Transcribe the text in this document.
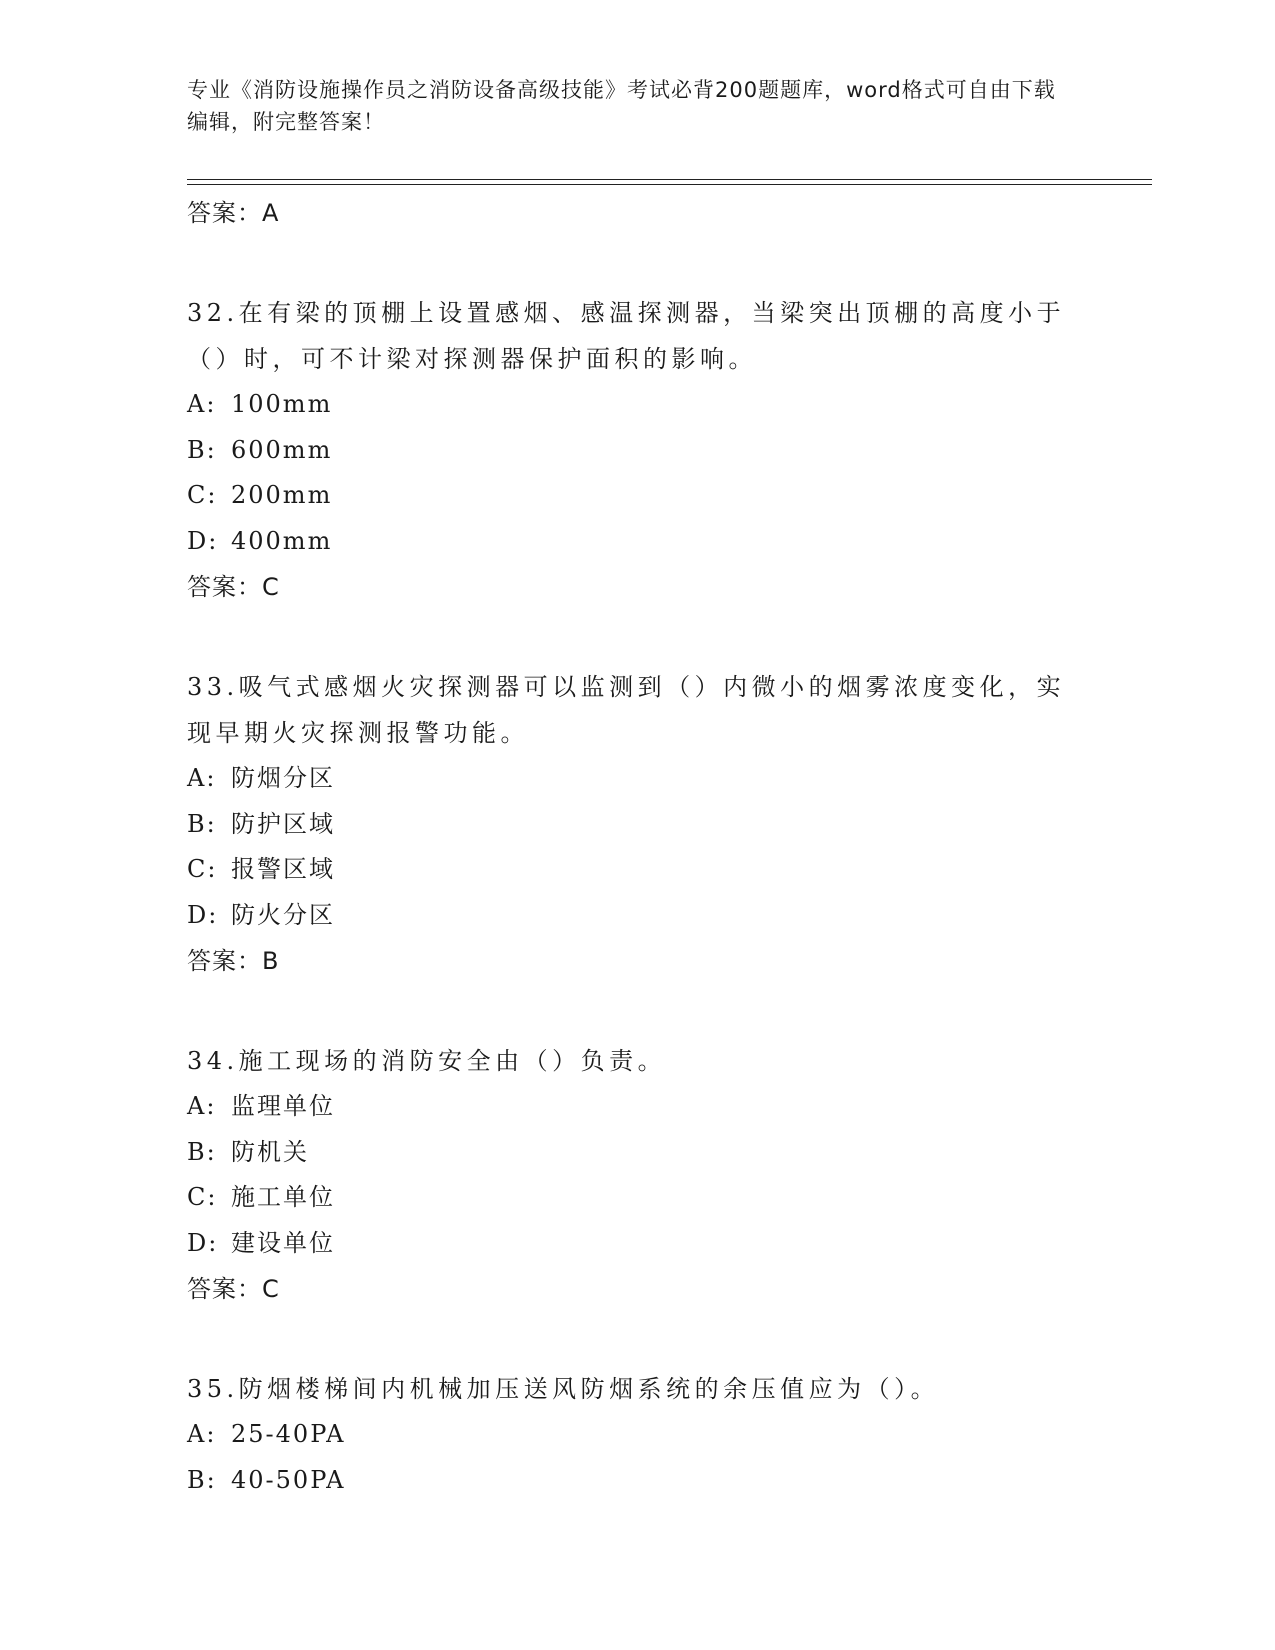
专业《消防设施操作员之消防设备高级技能》考试必背200题题库，word格式可自由下载编辑，附完整答案！
答案：A
32.在有梁的顶棚上设置感烟、感温探测器，当梁突出顶棚的高度小于（）时，可不计梁对探测器保护面积的影响。
A: 100mm
B: 600mm
C: 200mm
D: 400mm
答案：C
33.吸气式感烟火灾探测器可以监测到（）内微小的烟雾浓度变化，实现早期火灾探测报警功能。
A: 防烟分区
B: 防护区域
C: 报警区域
D: 防火分区
答案：B
34.施工现场的消防安全由（）负责。
A: 监理单位
B: 防机关
C: 施工单位
D: 建设单位
答案：C
35.防烟楼梯间内机械加压送风防烟系统的余压值应为（）。
A: 25-40PA
B: 40-50PA
